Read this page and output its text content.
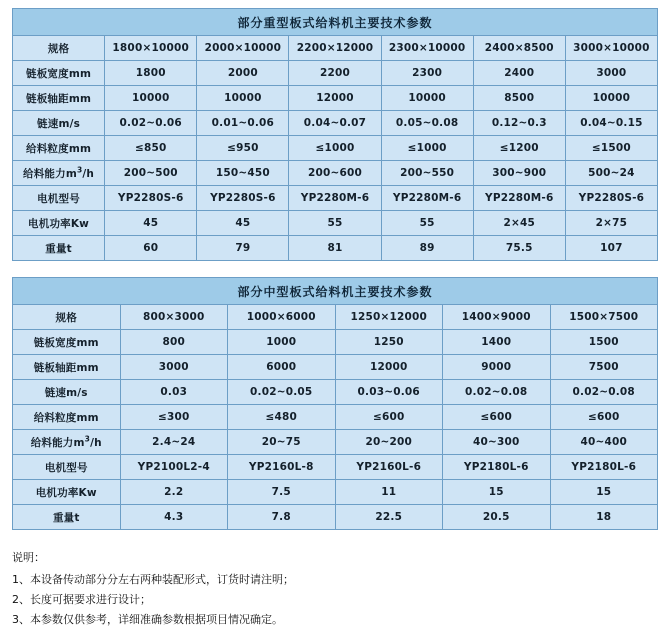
部分重型板式给料机主要技术参数						
规格	1800×10000	2000×10000	2200×12000	2300×10000	2400×8500	3000×10000
链板宽度mm	1800	2000	2200	2300	2400	3000
链板轴距mm	10000	10000	12000	10000	8500	10000
链速m/s	0.02~0.06	0.01~0.06	0.04~0.07	0.05~0.08	0.12~0.3	0.04~0.15
给料粒度mm	≤850	≤950	≤1000	≤1000	≤1200	≤1500
给料能力$m^3/h$	200~500	150~450	200~600	200~550	300~900	500~24
电机型号	YP2280S-6	YP2280S-6	YP2280M-6	YP2280M-6	YP2280M-6	YP2280S-6
电机功率Kw	45	45	55	55	2×45	2×75
重量t	60	79	81	89	75.5	107
部分中型板式给料机主要技术参数					
规格	800×3000	1000×6000	1250×12000	1400×9000	1500×7500
链板宽度mm	800	1000	1250	1400	1500
链板轴距mm	3000	6000	12000	9000	7500
链速m/s	0.03	0.02~0.05	0.03~0.06	0.02~0.08	0.02~0.08
给料粒度mm	≤300	≤480	≤600	≤600	≤600
给料能力$m^3/h$	2.4~24	20~75	20~200	40~300	40~400
电机型号	YP2100L2-4	YP2160L-8	YP2160L-6	YP2180L-6	YP2180L-6
电机功率Kw	2.2	7.5	11	15	15
重量t	4.3	7.8	22.5	20.5	18
说明：
1、本设备传动部分分左右两种装配形式，订货时请注明；
2、长度可据要求进行设计；
3、本参数仅供参考，详细准确参数根据项目情况确定。
